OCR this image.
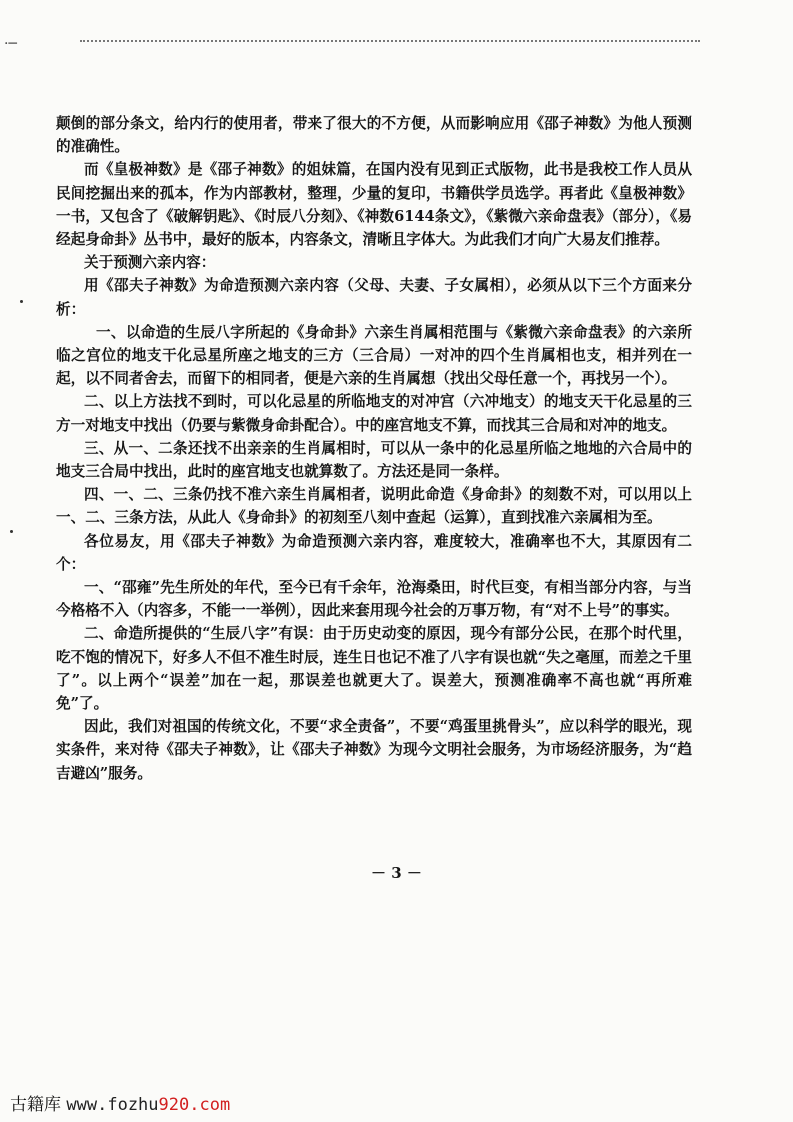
·─

颠倒的部分条文，给内行的使用者，带来了很大的不方便，从而影响应用《邵子神数》为他人预测的准确性。

而《皇极神数》是《邵子神数》的姐妹篇，在国内没有见到正式版物，此书是我校工作人员从民间挖掘出来的孤本，作为内部教材，整理，少量的复印，书籍供学员选学。再者此《皇极神数》一书，又包含了《破解钥匙》、《时辰八分刻》、《神数6144条文》，《紫微六亲命盘表》（部分），《易经起身命卦》丛书中，最好的版本，内容条文，清晰且字体大。为此我们才向广大易友们推荐。

关于预测六亲内容：

用《邵夫子神数》为命造预测六亲内容（父母、夫妻、子女属相），必须从以下三个方面来分析：

一、以命造的生辰八字所起的《身命卦》六亲生肖属相范围与《紫微六亲命盘表》的六亲所临之宫位的地支干化忌星所座之地支的三方（三合局）一对冲的四个生肖属相也支，相并列在一起，以不同者舍去，而留下的相同者，便是六亲的生肖属想（找出父母任意一个，再找另一个）。

二、以上方法找不到时，可以化忌星的所临地支的对冲宫（六冲地支）的地支天干化忌星的三方一对地支中找出（仍要与紫微身命卦配合）。中的座宫地支不算，而找其三合局和对冲的地支。

三、从一、二条还找不出亲亲的生肖属相时，可以从一条中的化忌星所临之地地的六合局中的地支三合局中找出，此时的座宫地支也就算数了。方法还是同一条样。

四、一、二、三条仍找不准六亲生肖属相者，说明此命造《身命卦》的刻数不对，可以用以上一、二、三条方法，从此人《身命卦》的初刻至八刻中查起（运算），直到找准六亲属相为至。

各位易友，用《邵夫子神数》为命造预测六亲内容，难度较大，准确率也不大，其原因有二个：

一、“邵雍”先生所处的年代，至今已有千余年，沧海桑田，时代巨变，有相当部分内容，与当今格格不入（内容多，不能一一举例），因此来套用现今社会的万事万物，有“对不上号”的事实。

二、命造所提供的“生辰八字”有误：由于历史动变的原因，现今有部分公民，在那个时代里，吃不饱的情况下，好多人不但不准生时辰，连生日也记不准了八字有误也就“失之毫厘，而差之千里了”。以上两个“误差”加在一起，那误差也就更大了。误差大，预测准确率不高也就“再所难免”了。

因此，我们对祖国的传统文化，不要“求全责备”，不要“鸡蛋里挑骨头”，应以科学的眼光，现实条件，来对待《邵夫子神数》，让《邵夫子神数》为现今文明社会服务，为市场经济服务，为“趋吉避凶”服务。

－ 3 －
古籍库 www.fozhu920.com
